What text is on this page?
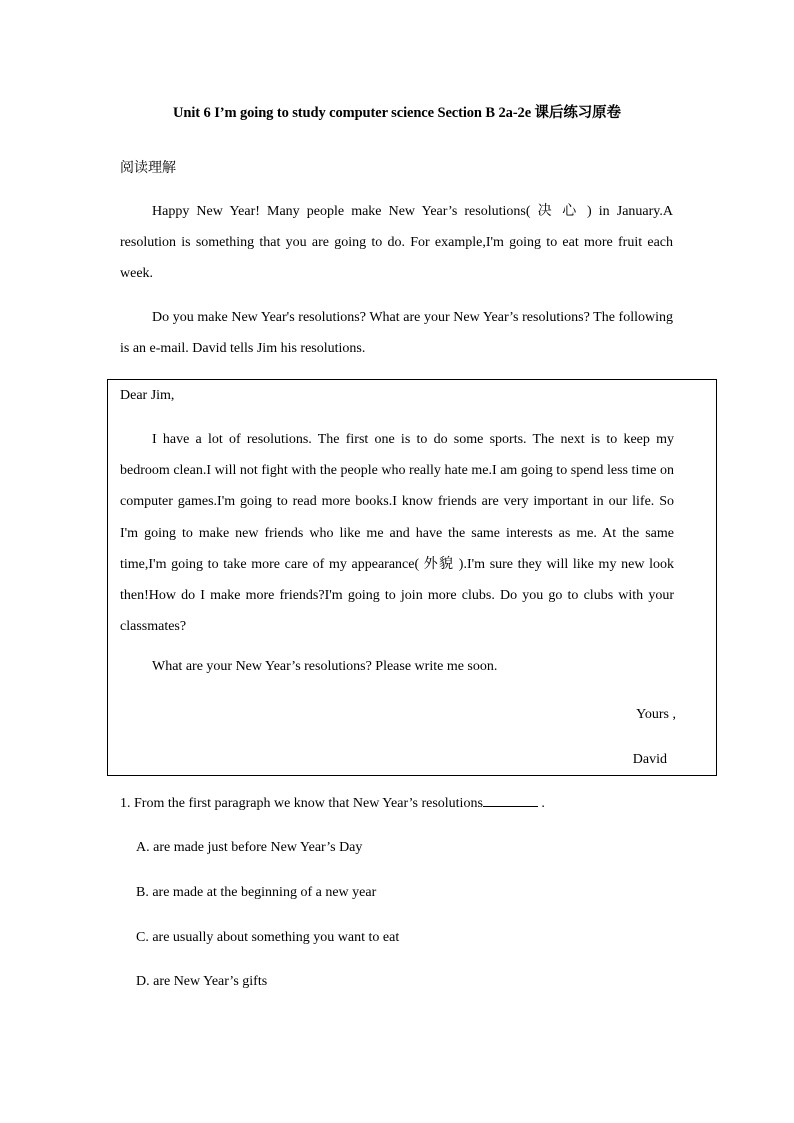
Unit 6 I’m going to study computer science Section B 2a-2e 课后练习原卷
阅读理解

Happy New Year! Many people make New Year’s resolutions( 决 心 ) in January.A resolution is something that you are going to do. For example,I'm going to eat more fruit each week.

Do you make New Year's resolutions? What are your New Year’s resolutions? The following is an e-mail. David tells Jim his resolutions.

Dear Jim,

I have a lot of resolutions. The first one is to do some sports. The next is to keep my bedroom clean.I will not fight with the people who really hate me.I am going to spend less time on computer games.I'm going to read more books.I know friends are very important in our life. So I'm going to make new friends who like me and have the same interests as me. At the same time,I'm going to take more care of my appearance( 外貌 ).I'm sure they will like my new look then!How do I make more friends?I'm going to join more clubs. Do you go to clubs with your classmates?

What are your New Year’s resolutions? Please write me soon.
Yours ,
David
1. From the first paragraph we know that New Year’s resolutions	.
A. are made just before New Year’s Day
B. are made at the beginning of a new year
C. are usually about something you want to eat
D. are New Year’s gifts
